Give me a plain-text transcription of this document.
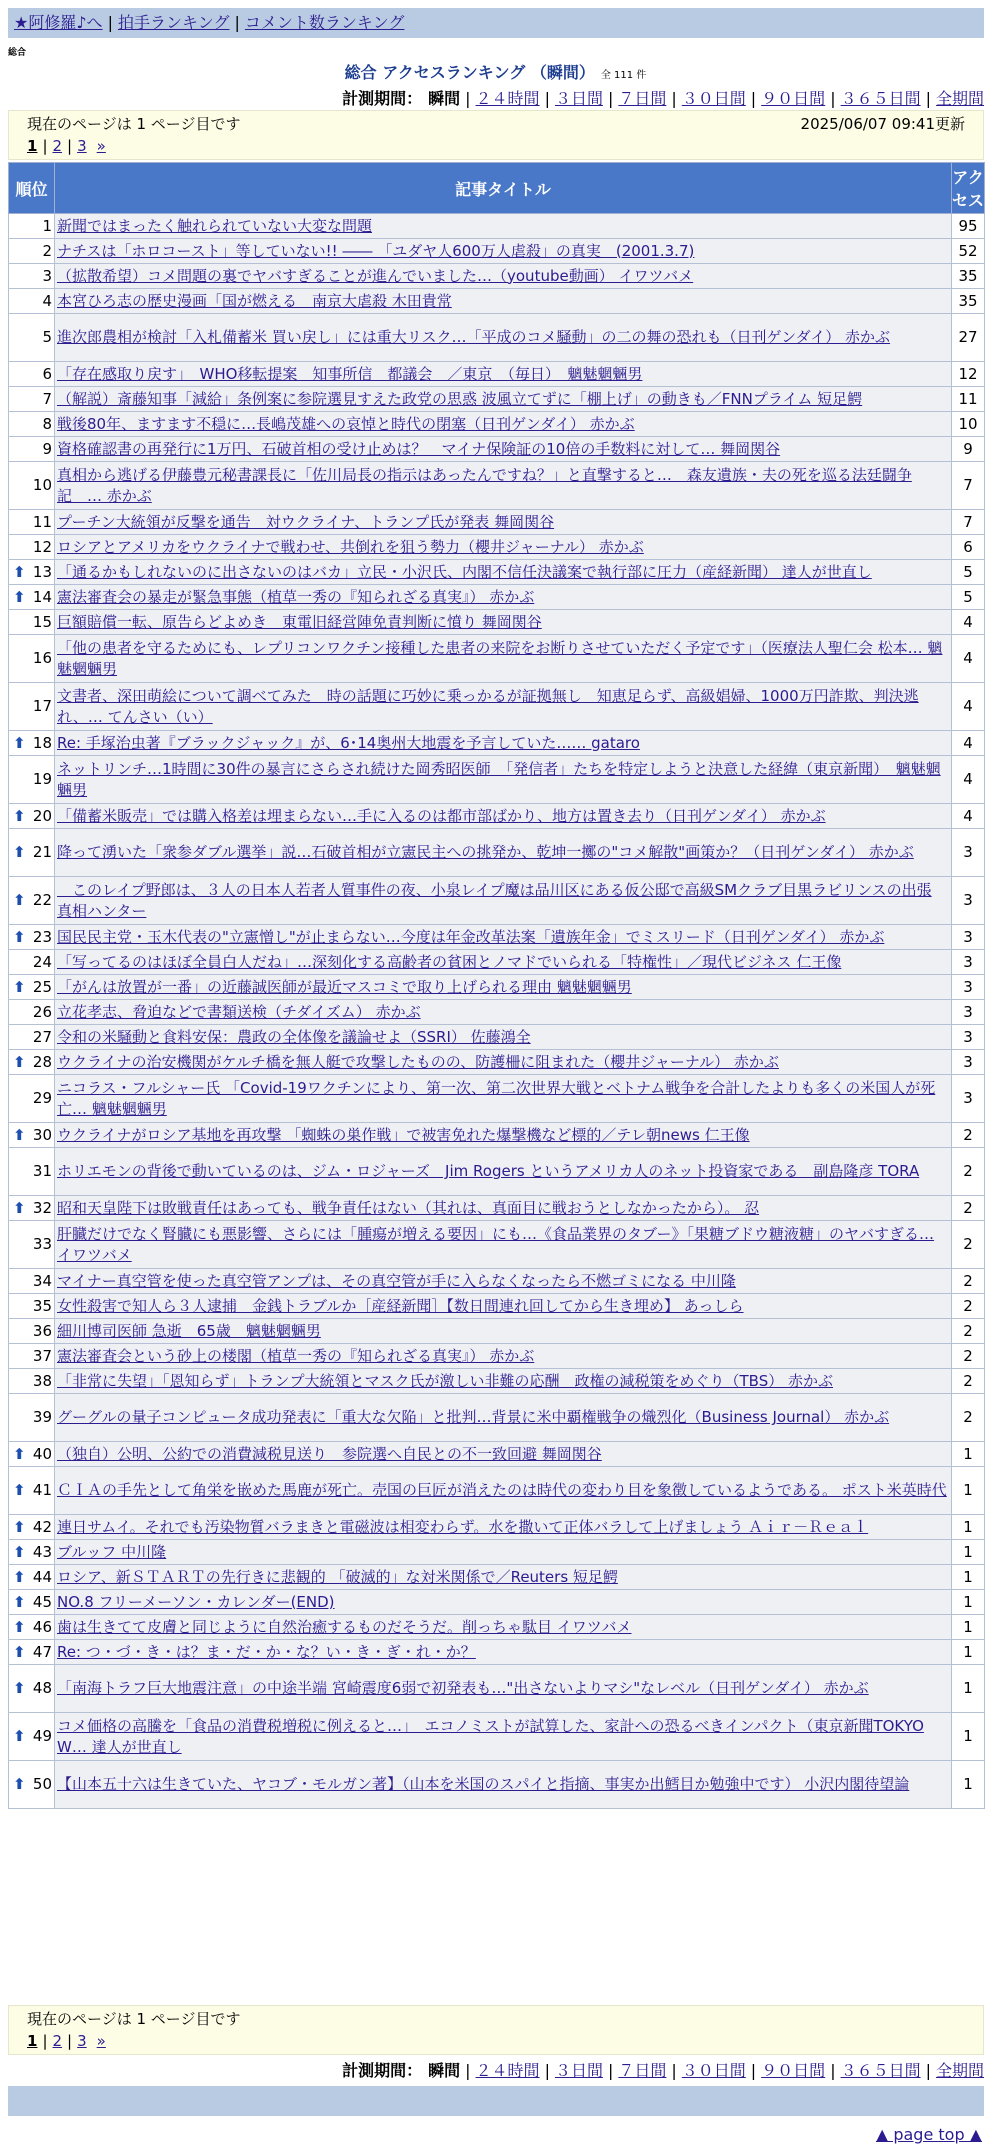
★阿修羅♪へ | 拍手ランキング | コメント数ランキング
総合
総合 アクセスランキング （瞬間） 全 111 件
計測期間： 瞬間 | ２４時間 | ３日間 | ７日間 | ３０日間 | ９０日間 | ３６５日間 | 全期間
現在のページは 1 ページ目です	2025/06/07 09:41更新
1 | 2 | 3 »
順位	記事タイトル	アクセス
1	新聞ではまったく触れられていない大変な問題	95
2	ナチスは「ホロコースト」等していない!! ―― 「ユダヤ人600万人虐殺」の真実　(2001.3.7)	52
3	（拡散希望）コメ問題の裏でヤバすぎることが進んでいました…（youtube動画） イワツバメ	35
4	本宮ひろ志の歴史漫画「国が燃える　南京大虐殺 木田貴常	35
5	進次郎農相が検討「入札備蓄米 買い戻し」には重大リスク…「平成のコメ騒動」の二の舞の恐れも（日刊ゲンダイ） 赤かぶ	27
6	「存在感取り戻す」　WHO移転提案　知事所信　都議会　／東京　（毎日）　魑魅魍魎男	12
7	（解説）斎藤知事「減給」条例案に参院選見すえた政党の思惑 波風立てずに「棚上げ」の動きも／FNNプライム 短足鰐	11
8	戦後80年、ますます不穏に…長嶋茂雄への哀悼と時代の閉塞（日刊ゲンダイ） 赤かぶ	10
9	資格確認書の再発行に1万円、石破首相の受け止めは？　マイナ保険証の10倍の手数料に対して… 舞岡関谷	9
10	真相から逃げる伊藤豊元秘書課長に「佐川局長の指示はあったんですね？」と直撃すると…　森友遺族・夫の死を巡る法廷闘争記　… 赤かぶ	7
11	プーチン大統領が反撃を通告　対ウクライナ、トランプ氏が発表 舞岡関谷	7
12	ロシアとアメリカをウクライナで戦わせ、共倒れを狙う勢力（櫻井ジャーナル） 赤かぶ	6

⬆ 13	「通るかもしれないのに出さないのはバカ」立民・小沢氏、内閣不信任決議案で執行部に圧力（産経新聞） 達人が世直し	5

⬆ 14	憲法審査会の暴走が緊急事態（植草一秀の『知られざる真実』） 赤かぶ	5
15	巨額賠償一転、原告らどよめき　東電旧経営陣免責判断に憤り 舞岡関谷	4
16	「他の患者を守るためにも、レプリコンワクチン接種した患者の来院をお断りさせていただく予定です」（医療法人聖仁会 松本… 魑魅魍魎男	4
17	文書者、深田萌絵について調べてみた　時の話題に巧妙に乗っかるが証拠無し　知恵足らず、高級娼婦、1000万円詐欺、判決逃れ、… てんさい（い）	4

⬆ 18	Re: 手塚治虫著『ブラックジャック』が、6･14奥州大地震を予言していた…… gataro	4
19	ネットリンチ…1時間に30件の暴言にさらされ続けた岡秀昭医師　「発信者」たちを特定しようと決意した経緯（東京新聞）　魑魅魍魎男	4

⬆ 20	「備蓄米販売」では購入格差は埋まらない…手に入るのは都市部ばかり、地方は置き去り（日刊ゲンダイ） 赤かぶ	4

⬆ 21	降って湧いた「衆参ダブル選挙」説…石破首相が立憲民主への挑発か、乾坤一擲の"コメ解散"画策か？（日刊ゲンダイ） 赤かぶ	3

⬆ 22	　このレイプ野郎は、３人の日本人若者人質事件の夜、小泉レイプ魔は品川区にある仮公邸で高級SMクラブ目黒ラビリンスの出張 真相ハンター	3

⬆ 23	国民民主党・玉木代表の"立憲憎し"が止まらない…今度は年金改革法案「遺族年金」でミスリード（日刊ゲンダイ） 赤かぶ	3
24	「写ってるのはほぼ全員白人だね」…深刻化する高齢者の貧困とノマドでいられる「特権性」／現代ビジネス 仁王像	3

⬆ 25	「がんは放置が一番」の近藤誠医師が最近マスコミで取り上げられる理由 魑魅魍魎男	3
26	立花孝志、脅迫などで書類送検（チダイズム） 赤かぶ	3
27	令和の米騒動と食料安保：農政の全体像を議論せよ（SSRI） 佐藤鴻全	3

⬆ 28	ウクライナの治安機関がケルチ橋を無人艇で攻撃したものの、防護柵に阻まれた（櫻井ジャーナル） 赤かぶ	3
29	ニコラス・フルシャー氏 「Covid-19ワクチンにより、第一次、第二次世界大戦とベトナム戦争を合計したよりも多くの米国人が死亡… 魑魅魍魎男	3

⬆ 30	ウクライナがロシア基地を再攻撃 「蜘蛛の巣作戦」で被害免れた爆撃機など標的／テレ朝news 仁王像	2
31	ホリエモンの背後で動いているのは、ジム・ロジャーズ　Jim Rogers というアメリカ人のネット投資家である　副島隆彦 TORA	2

⬆ 32	昭和天皇陛下は敗戦責任はあっても、戦争責任はない（其れは、真面目に戦おうとしなかったから）。 忍	2
33	肝臓だけでなく腎臓にも悪影響、さらには「腫瘍が増える要因」にも…《食品業界のタブー》「果糖ブドウ糖液糖」のヤバすぎる… イワツバメ	2
34	マイナー真空管を使った真空管アンプは、その真空管が手に入らなくなったら不燃ゴミになる 中川隆	2
35	女性殺害で知人ら３人逮捕　金銭トラブルか［産経新聞］【数日間連れ回してから生き埋め】 あっしら	2
36	細川博司医師 急逝　65歳　魑魅魍魎男	2
37	憲法審査会という砂上の楼閣（植草一秀の『知られざる真実』） 赤かぶ	2
38	「非常に失望」「恩知らず」トランプ大統領とマスク氏が激しい非難の応酬　政権の減税策をめぐり（TBS） 赤かぶ	2
39	グーグルの量子コンピュータ成功発表に「重大な欠陥」と批判…背景に米中覇権戦争の熾烈化（Business Journal） 赤かぶ	2

⬆ 40	（独自）公明、公約での消費減税見送り　参院選へ自民との不一致回避 舞岡関谷	1

⬆ 41	ＣＩＡの手先として角栄を嵌めた馬鹿が死亡。売国の巨匠が消えたのは時代の変わり目を象徴しているようである。 ポスト米英時代	1

⬆ 42	連日サムイ。それでも汚染物質バラまきと電磁波は相変わらず。水を撒いて正体バラして上げましょう Ａｉｒ－Ｒｅａｌ	1

⬆ 43	ブルッフ 中川隆	1

⬆ 44	ロシア、新ＳＴＡＲＴの先行きに悲観的 「破滅的」な対米関係で／Reuters 短足鰐	1

⬆ 45	NO.8 フリーメーソン・カレンダー(END)	1

⬆ 46	歯は生きてて皮膚と同じように自然治癒するものだそうだ。削っちゃ駄目 イワツバメ	1

⬆ 47	Re: つ・づ・き・は？ま・だ・か・な？い・き・ぎ・れ・か？	1

⬆ 48	「南海トラフ巨大地震注意」の中途半端 宮崎震度6弱で初発表も…"出さないよりマシ"なレベル（日刊ゲンダイ） 赤かぶ	1

⬆ 49	コメ価格の高騰を「食品の消費税増税に例えると…」　エコノミストが試算した、家計への恐るべきインパクト（東京新聞TOKYO W… 達人が世直し	1

⬆ 50	【山本五十六は生きていた、ヤコブ・モルガン著】（山本を米国のスパイと指摘、事実か出鱈目か勉強中です） 小沢内閣待望論	1
現在のページは 1 ページ目です
1 | 2 | 3 »
計測期間： 瞬間 | ２４時間 | ３日間 | ７日間 | ３０日間 | ９０日間 | ３６５日間 | 全期間
▲ page top ▲
